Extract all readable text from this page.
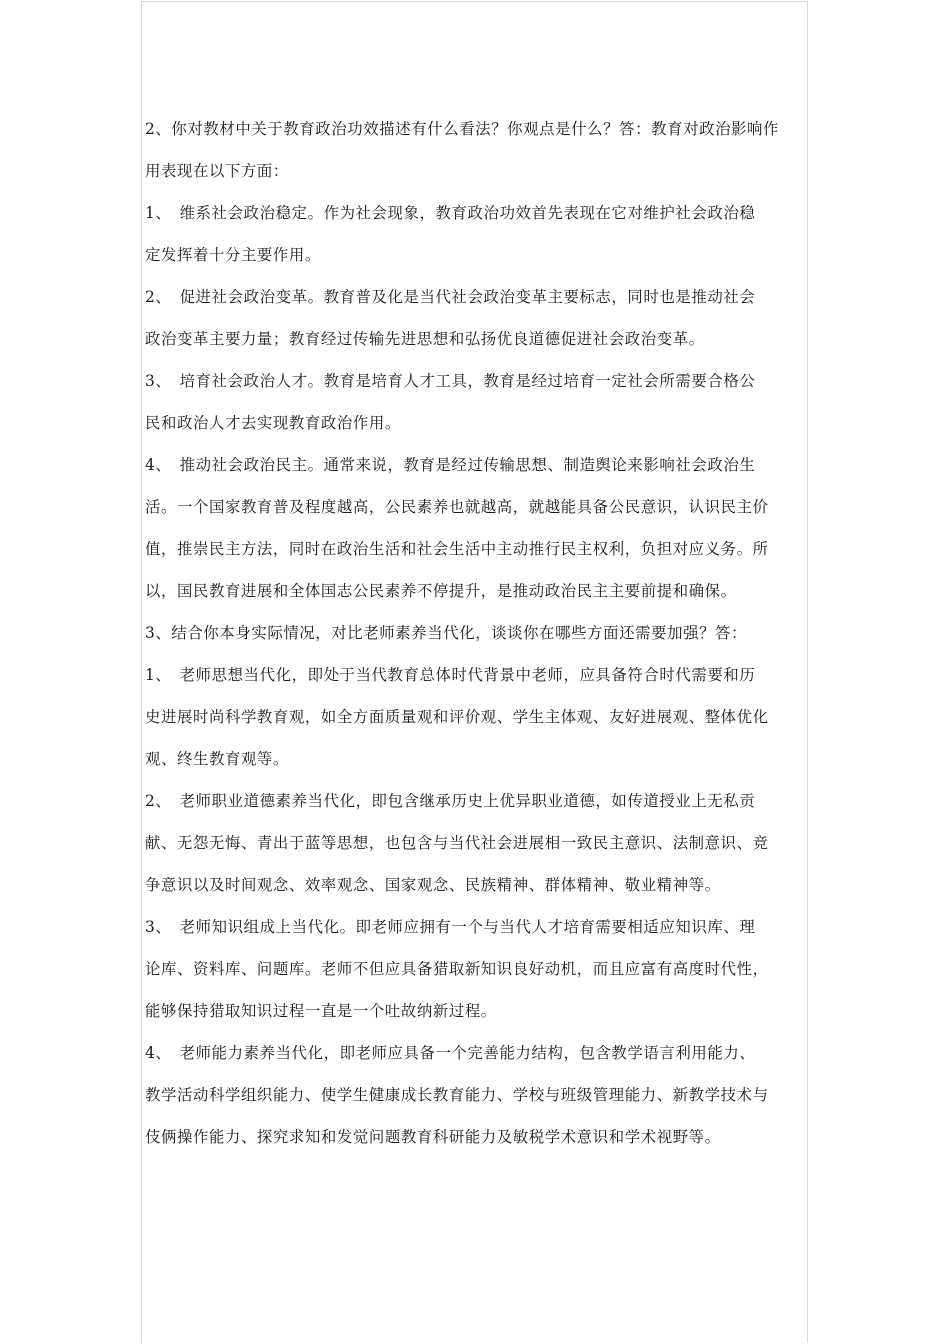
2、你对教材中关于教育政治功效描述有什么看法？你观点是什么？答：教育对政治影响作
用表现在以下方面：
1、　维系社会政治稳定。作为社会现象，教育政治功效首先表现在它对维护社会政治稳
定发挥着十分主要作用。
2、　促进社会政治变革。教育普及化是当代社会政治变革主要标志，同时也是推动社会
政治变革主要力量；教育经过传输先进思想和弘扬优良道德促进社会政治变革。
3、　培育社会政治人才。教育是培育人才工具，教育是经过培育一定社会所需要合格公
民和政治人才去实现教育政治作用。
4、　推动社会政治民主。通常来说，教育是经过传输思想、制造舆论来影响社会政治生
活。一个国家教育普及程度越高，公民素养也就越高，就越能具备公民意识，认识民主价
值，推崇民主方法，同时在政治生活和社会生活中主动推行民主权利，负担对应义务。所
以，国民教育进展和全体国志公民素养不停提升，是推动政治民主主要前提和确保。
3、结合你本身实际情况，对比老师素养当代化，谈谈你在哪些方面还需要加强？答：
1、　老师思想当代化，即处于当代教育总体时代背景中老师，应具备符合时代需要和历
史进展时尚科学教育观，如全方面质量观和评价观、学生主体观、友好进展观、整体优化
观、终生教育观等。
2、　老师职业道德素养当代化，即包含继承历史上优异职业道德，如传道授业上无私贡
献、无怨无悔、青出于蓝等思想，也包含与当代社会进展相一致民主意识、法制意识、竞
争意识以及时间观念、效率观念、国家观念、民族精神、群体精神、敬业精神等。
3、　老师知识组成上当代化。即老师应拥有一个与当代人才培育需要相适应知识库、理
论库、资料库、问题库。老师不但应具备猎取新知识良好动机，而且应富有高度时代性，
能够保持猎取知识过程一直是一个吐故纳新过程。
4、　老师能力素养当代化，即老师应具备一个完善能力结构，包含教学语言利用能力、
教学活动科学组织能力、使学生健康成长教育能力、学校与班级管理能力、新教学技术与
伎俩操作能力、探究求知和发觉问题教育科研能力及敏税学术意识和学术视野等。
